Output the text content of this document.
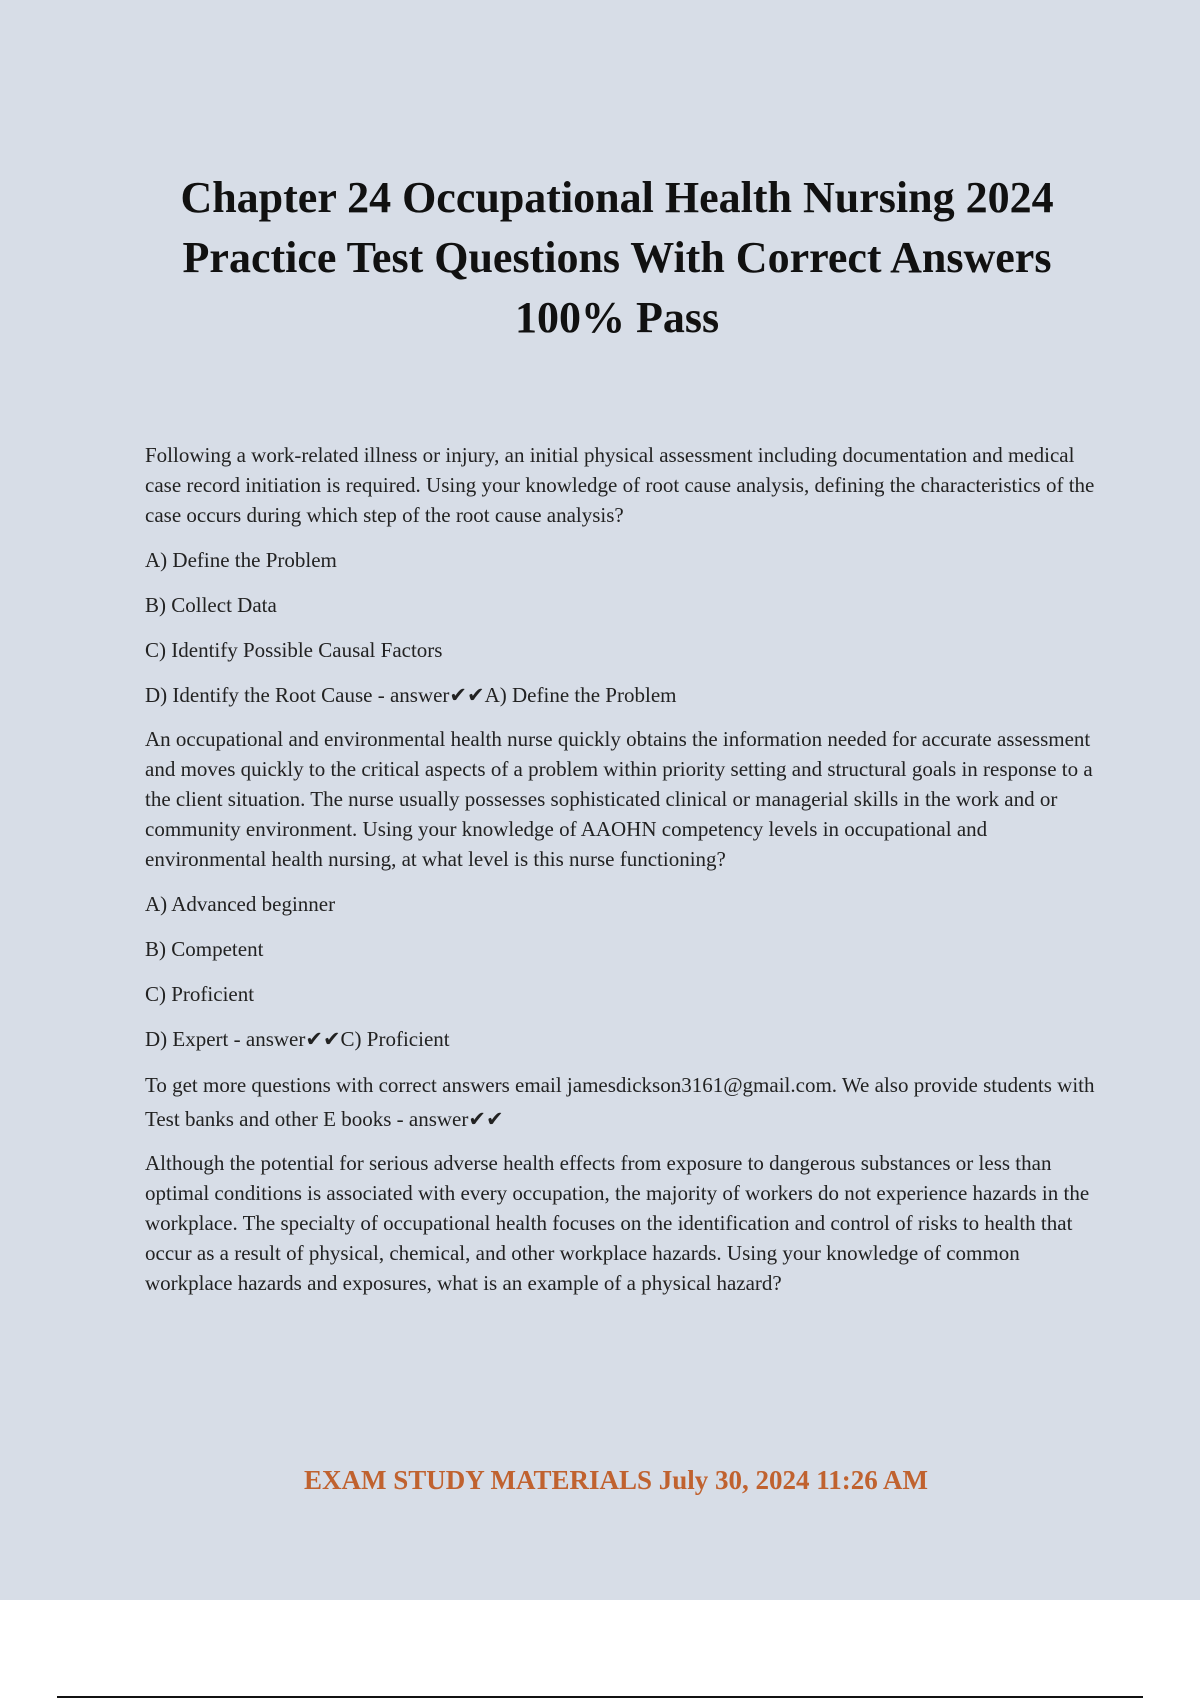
Chapter 24 Occupational Health Nursing 2024 Practice Test Questions With Correct Answers 100% Pass

Following a work-related illness or injury, an initial physical assessment including documentation and medical case record initiation is required. Using your knowledge of root cause analysis, defining the characteristics of the case occurs during which step of the root cause analysis?

A) Define the Problem

B) Collect Data

C) Identify Possible Causal Factors

D) Identify the Root Cause - answer✔✔A) Define the Problem

An occupational and environmental health nurse quickly obtains the information needed for accurate assessment and moves quickly to the critical aspects of a problem within priority setting and structural goals in response to a the client situation. The nurse usually possesses sophisticated clinical or managerial skills in the work and or community environment. Using your knowledge of AAOHN competency levels in occupational and environmental health nursing, at what level is this nurse functioning?

A) Advanced beginner

B) Competent

C) Proficient

D) Expert - answer✔✔C) Proficient

To get more questions with correct answers email jamesdickson3161@gmail.com. We also provide students with Test banks and other E books - answer✔✔

Although the potential for serious adverse health effects from exposure to dangerous substances or less than optimal conditions is associated with every occupation, the majority of workers do not experience hazards in the workplace. The specialty of occupational health focuses on the identification and control of risks to health that occur as a result of physical, chemical, and other workplace hazards. Using your knowledge of common workplace hazards and exposures, what is an example of a physical hazard?

EXAM STUDY MATERIALS July 30, 2024 11:26 AM
